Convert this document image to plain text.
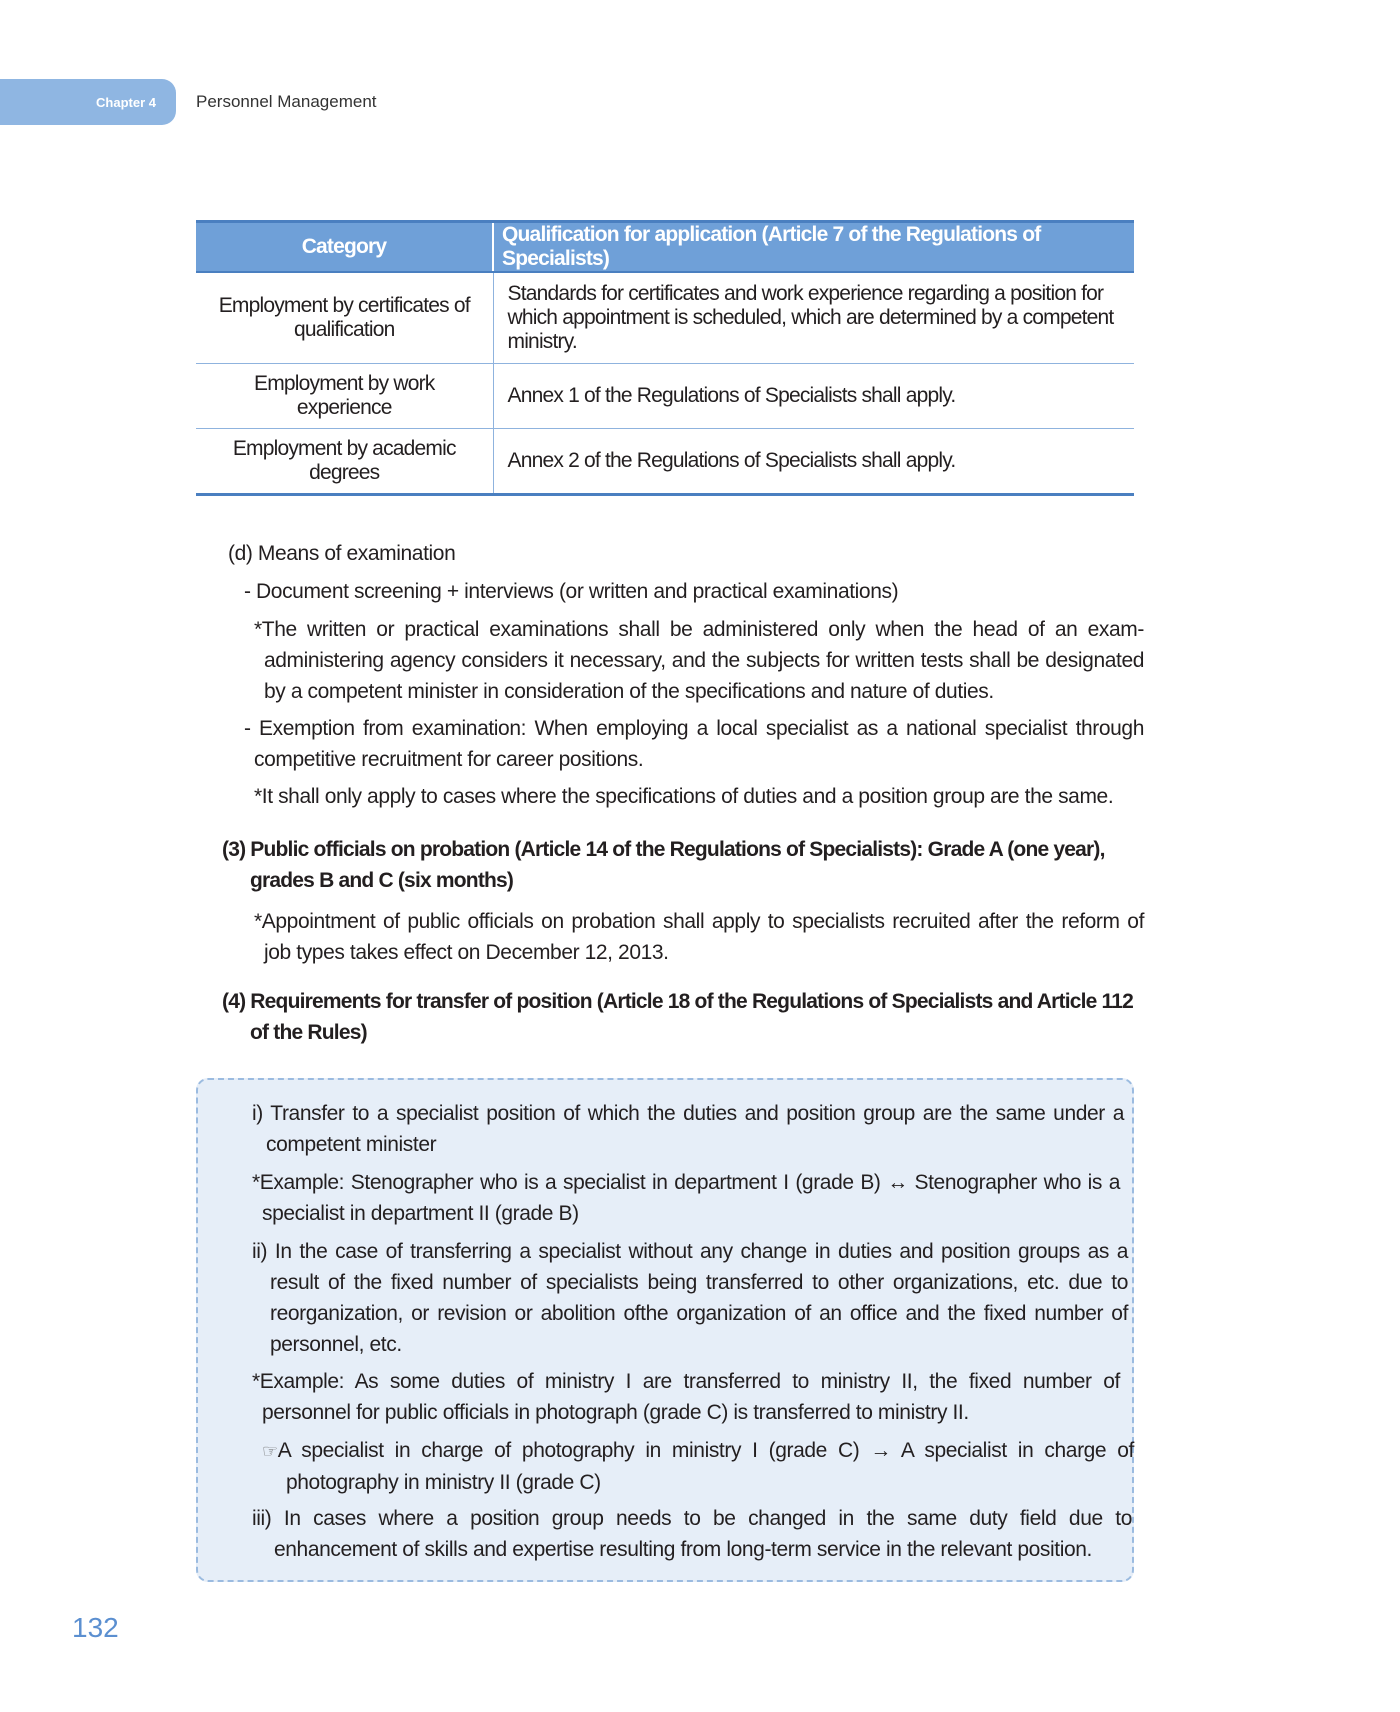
Chapter 4	Personnel Management
Category	Qualification for application (Article 7 of the Regulations of Specialists)
Employment by certificates of qualification	Standards for certificates and work experience regarding a position for which appointment is scheduled, which are determined by a competent ministry.
Employment by work experience	Annex 1 of the Regulations of Specialists shall apply.
Employment by academic degrees	Annex 2 of the Regulations of Specialists shall apply.
(d) Means of examination
- Document screening + interviews (or written and practical examinations)
*The written or practical examinations shall be administered only when the head of an exam-administering agency considers it necessary, and the subjects for written tests shall be designated by a competent minister in consideration of the specifications and nature of duties.
- Exemption from examination: When employing a local specialist as a national specialist through competitive recruitment for career positions.
*It shall only apply to cases where the specifications of duties and a position group are the same.
(3) Public officials on probation (Article 14 of the Regulations of Specialists): Grade A (one year), grades B and C (six months)
*Appointment of public officials on probation shall apply to specialists recruited after the reform of job types takes effect on December 12, 2013.
(4) Requirements for transfer of position (Article 18 of the Regulations of Specialists and Article 112 of the Rules)
i) Transfer to a specialist position of which the duties and position group are the same under a competent minister
*Example: Stenographer who is a specialist in department I (grade B) ↔ Stenographer who is a specialist in department II (grade B)
ii) In the case of transferring a specialist without any change in duties and position groups as a result of the fixed number of specialists being transferred to other organizations, etc. due to reorganization, or revision or abolition ofthe organization of an office and the fixed number of personnel, etc.
*Example: As some duties of ministry I are transferred to ministry II, the fixed number of personnel for public officials in photograph (grade C) is transferred to ministry II.
☞A specialist in charge of photography in ministry I (grade C) → A specialist in charge of photography in ministry II (grade C)
iii) In cases where a position group needs to be changed in the same duty field due to enhancement of skills and expertise resulting from long-term service in the relevant position.
132
